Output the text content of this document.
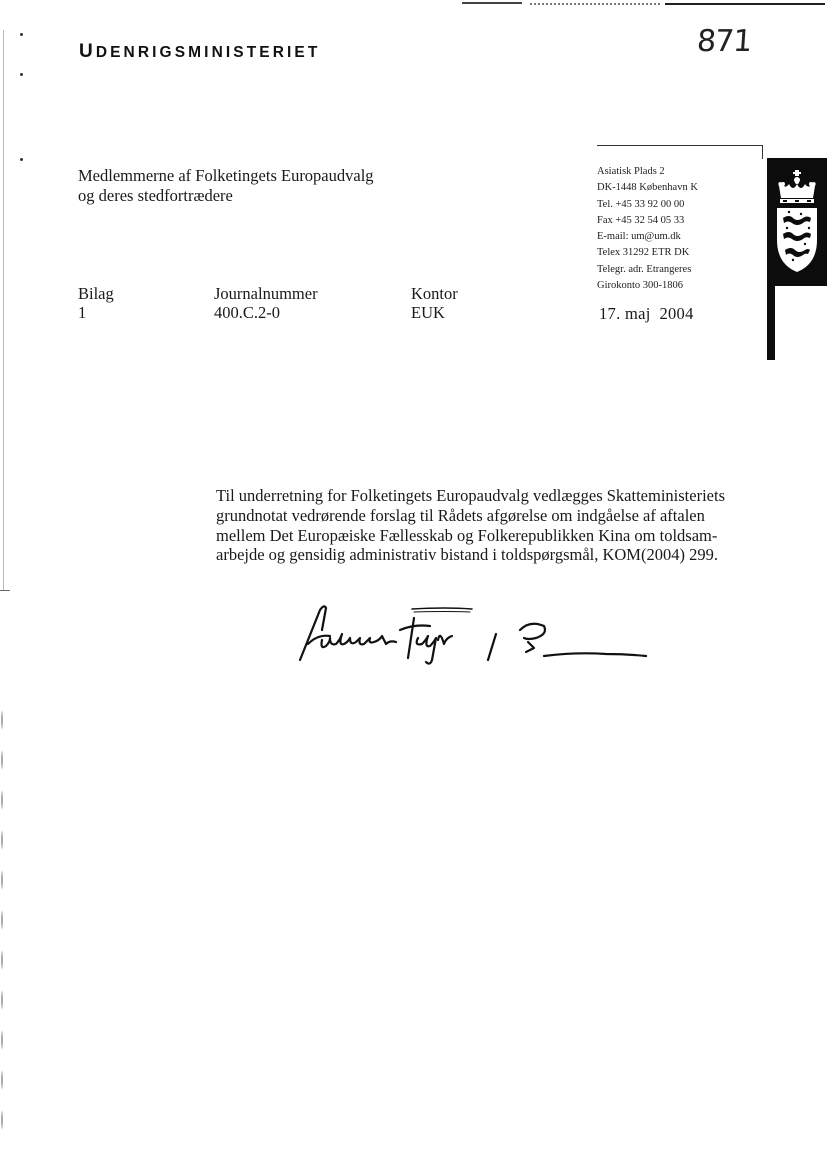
UDENRIGSMINISTERIET	871
Medlemmerne af Folketingets Europaudvalg
og deres stedfortrædere
Asiatisk Plads 2
DK-1448 København K
Tel. +45 33 92 00 00
Fax +45 32 54 05 33
E-mail: um@um.dk
Telex 31292 ETR DK
Telegr. adr. Etrangeres
Girokonto 300-1806
Bilag
1
Journalnummer
400.C.2-0
Kontor
EUK	17. maj  2004

Til underretning for Folketingets Europaudvalg vedlægges Skatteministeriets

grundnotat vedrørende forslag til Rådets afgørelse om indgåelse af aftalen

mellem Det Europæiske Fællesskab og Folkerepublikken Kina om toldsam-

arbejde og gensidig administrativ bistand i toldspørgsmål, KOM(2004) 299.
